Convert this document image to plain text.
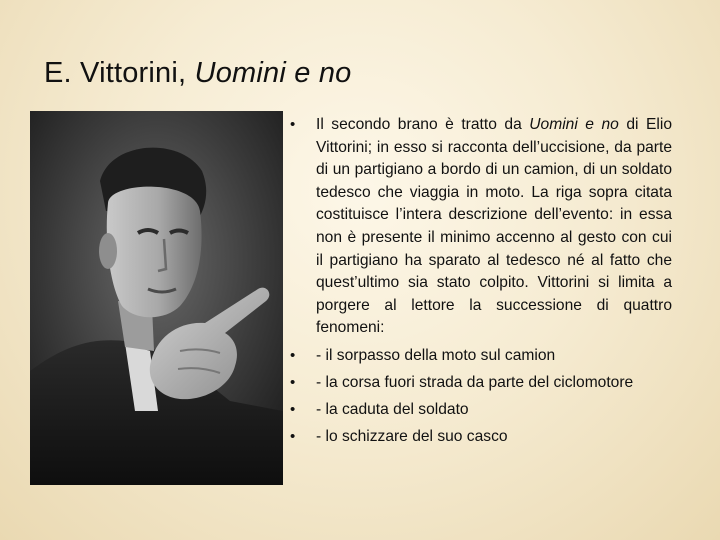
E. Vittorini, Uomini e no
• Il secondo brano è tratto da Uomini e no di Elio Vittorini; in esso si racconta dell’uccisione, da parte di un partigiano a bordo di un camion, di un soldato tedesco che viaggia in moto. La riga sopra citata costituisce l’intera descrizione dell’evento: in essa non è presente il minimo accenno al gesto con cui il partigiano ha sparato al tedesco né al fatto che quest’ultimo sia stato colpito. Vittorini si limita a porgere al lettore la successione di quattro fenomeni:
• - il sorpasso della moto sul camion
• - la corsa fuori strada da parte del ciclomotore
• - la caduta del soldato
• - lo schizzare del suo casco
